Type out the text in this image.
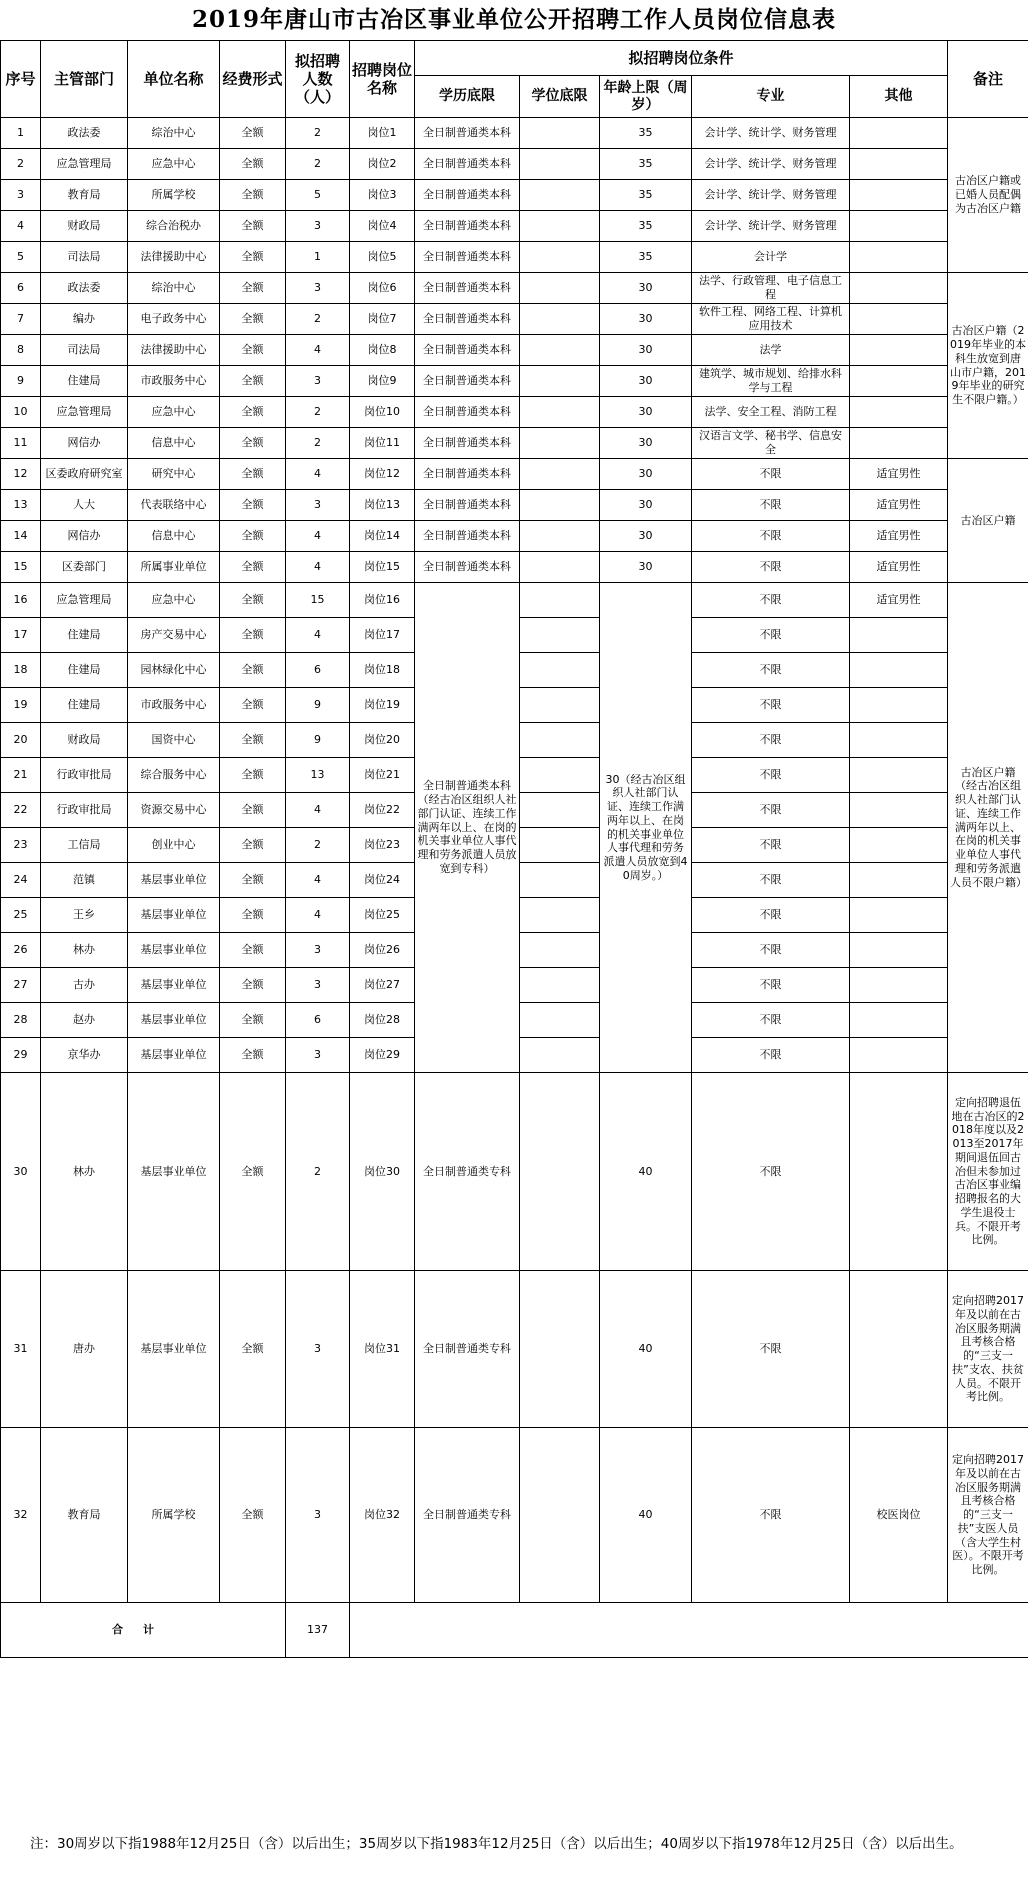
2019年唐山市古冶区事业单位公开招聘工作人员岗位信息表
序号	主管部门	单位名称	经费形式	拟招聘人数（人）	招聘岗位名称	拟招聘岗位条件					备注
						学历底限	学位底限	年龄上限（周岁）	专业	其他	
1	政法委	综治中心	全额	2	岗位1	全日制普通类本科		35	会计学、统计学、财务管理		古冶区户籍或已婚人员配偶为古冶区户籍
2	应急管理局	应急中心	全额	2	岗位2	全日制普通类本科		35	会计学、统计学、财务管理		
3	教育局	所属学校	全额	5	岗位3	全日制普通类本科		35	会计学、统计学、财务管理		
4	财政局	综合治税办	全额	3	岗位4	全日制普通类本科		35	会计学、统计学、财务管理		
5	司法局	法律援助中心	全额	1	岗位5	全日制普通类本科		35	会计学		
6	政法委	综治中心	全额	3	岗位6	全日制普通类本科		30	法学、行政管理、电子信息工程		古冶区户籍（2019年毕业的本科生放宽到唐山市户籍，2019年毕业的研究生不限户籍。）
7	编办	电子政务中心	全额	2	岗位7	全日制普通类本科		30	软件工程、网络工程、计算机应用技术		
8	司法局	法律援助中心	全额	4	岗位8	全日制普通类本科		30	法学		
9	住建局	市政服务中心	全额	3	岗位9	全日制普通类本科		30	建筑学、城市规划、给排水科学与工程		
10	应急管理局	应急中心	全额	2	岗位10	全日制普通类本科		30	法学、安全工程、消防工程		
11	网信办	信息中心	全额	2	岗位11	全日制普通类本科		30	汉语言文学、秘书学、信息安全		
12	区委政府研究室	研究中心	全额	4	岗位12	全日制普通类本科		30	不限	适宜男性	古冶区户籍
13	人大	代表联络中心	全额	3	岗位13	全日制普通类本科		30	不限	适宜男性	
14	网信办	信息中心	全额	4	岗位14	全日制普通类本科		30	不限	适宜男性	
15	区委部门	所属事业单位	全额	4	岗位15	全日制普通类本科		30	不限	适宜男性	
16	应急管理局	应急中心	全额	15	岗位16	全日制普通类本科（经古冶区组织人社部门认证、连续工作满两年以上、在岗的机关事业单位人事代理和劳务派遣人员放宽到专科）		30（经古冶区组织人社部门认证、连续工作满两年以上、在岗的机关事业单位人事代理和劳务派遣人员放宽到40周岁。）	不限	适宜男性	古冶区户籍（经古冶区组织人社部门认证、连续工作满两年以上、在岗的机关事业单位人事代理和劳务派遣人员不限户籍）
17	住建局	房产交易中心	全额	4	岗位17				不限		
18	住建局	园林绿化中心	全额	6	岗位18				不限		
19	住建局	市政服务中心	全额	9	岗位19				不限		
20	财政局	国资中心	全额	9	岗位20				不限		
21	行政审批局	综合服务中心	全额	13	岗位21				不限		
22	行政审批局	资源交易中心	全额	4	岗位22				不限		
23	工信局	创业中心	全额	2	岗位23				不限		
24	范镇	基层事业单位	全额	4	岗位24				不限		
25	王乡	基层事业单位	全额	4	岗位25				不限		
26	林办	基层事业单位	全额	3	岗位26				不限		
27	古办	基层事业单位	全额	3	岗位27				不限		
28	赵办	基层事业单位	全额	6	岗位28				不限		
29	京华办	基层事业单位	全额	3	岗位29				不限		
30	林办	基层事业单位	全额	2	岗位30	全日制普通类专科		40	不限		定向招聘退伍地在古冶区的2018年度以及2013至2017年期间退伍回古冶但未参加过古冶区事业编招聘报名的大学生退役士兵。不限开考比例。
31	唐办	基层事业单位	全额	3	岗位31	全日制普通类专科		40	不限		定向招聘2017年及以前在古冶区服务期满且考核合格的“三支一扶”支农、扶贫人员。不限开考比例。
32	教育局	所属学校	全额	3	岗位32	全日制普通类专科		40	不限	校医岗位	定向招聘2017年及以前在古冶区服务期满且考核合格的“三支一扶”支医人员（含大学生村医）。不限开考比例。
合计				137							
注：30周岁以下指1988年12月25日（含）以后出生；35周岁以下指1983年12月25日（含）以后出生；40周岁以下指1978年12月25日（含）以后出生。
